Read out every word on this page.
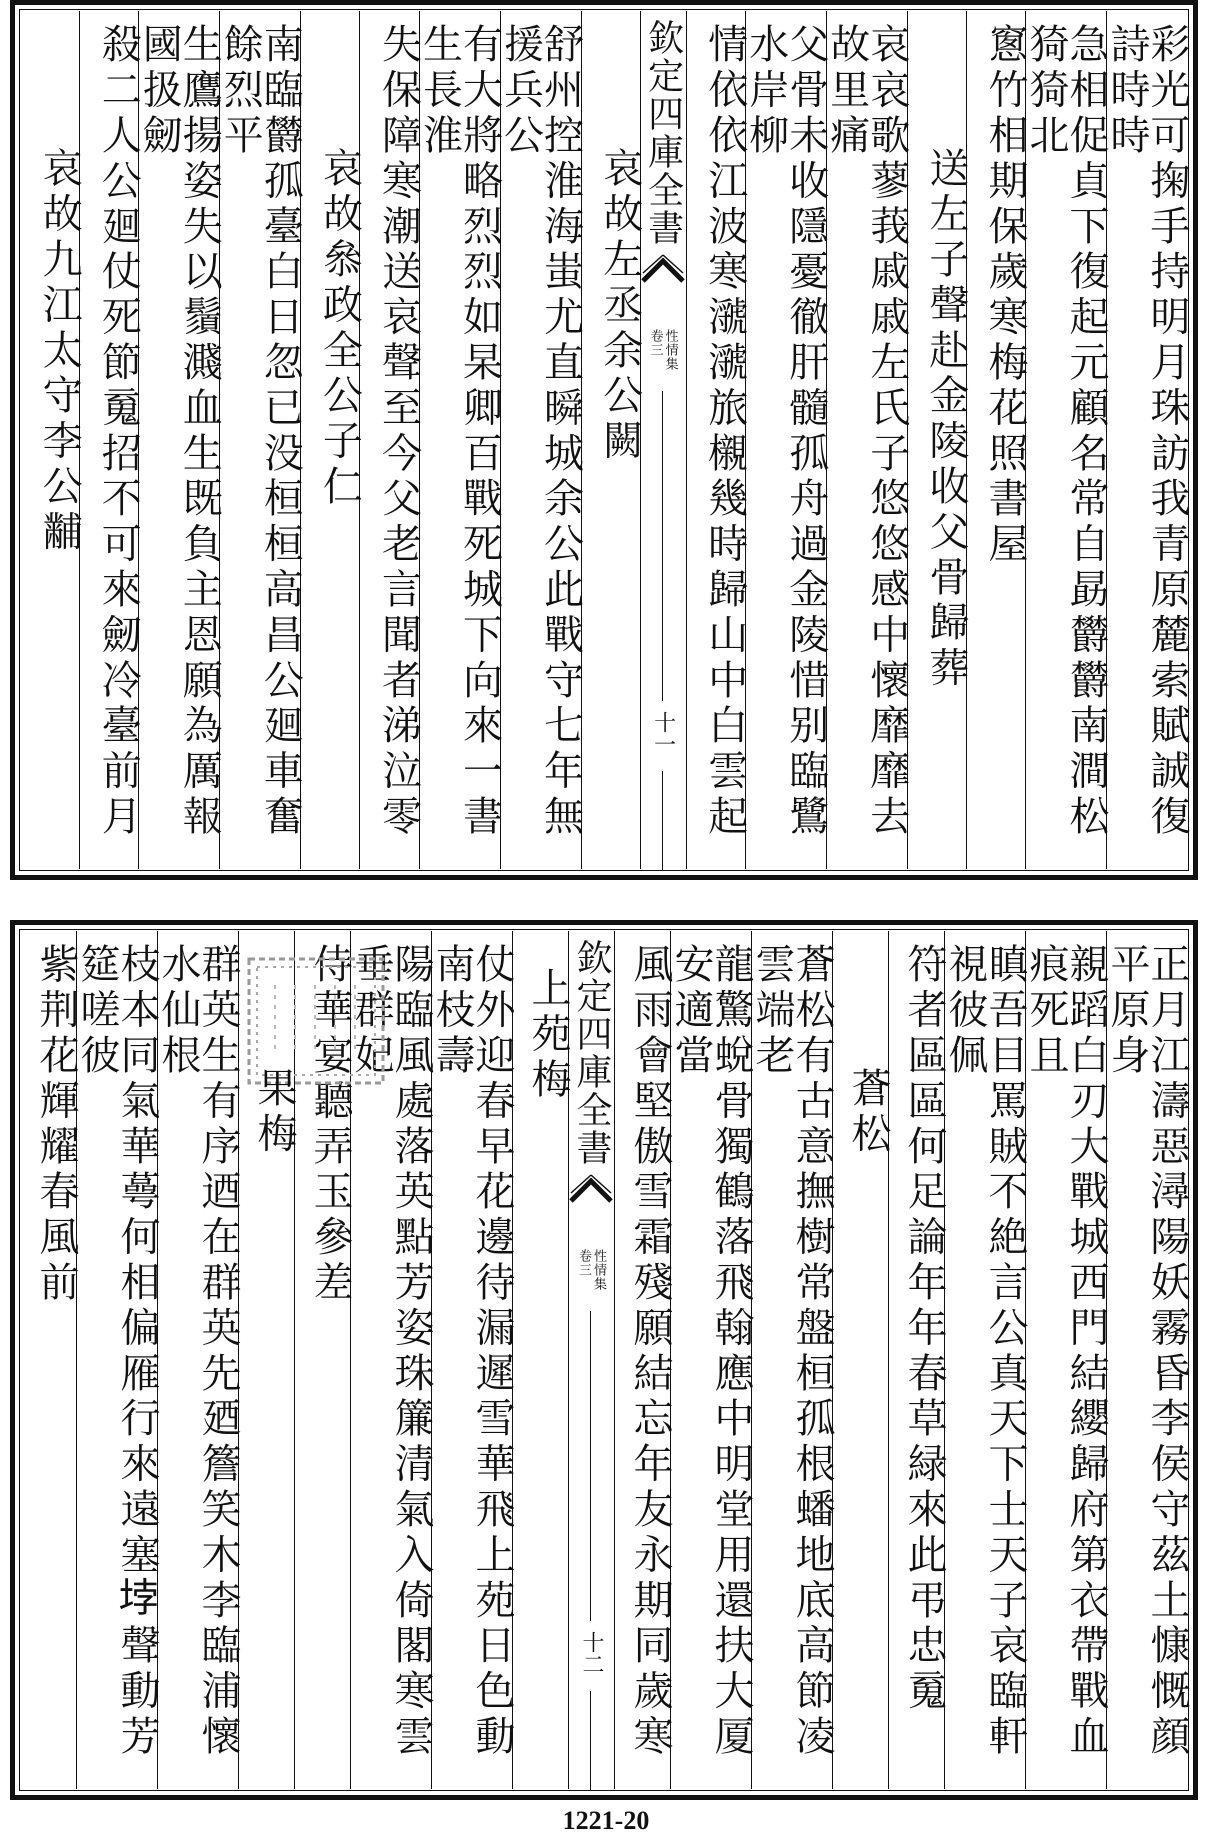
彩光可掬手持明月珠訪我青原麓索賦誠復詩時時
急相促貞下復起元顧名常自勗欝欝南澗松猗猗北
窻竹相期保歲寒梅花照書屋
送左子聲赴金陵收父骨歸葬
哀哀歌蓼莪戚戚左氏子悠悠感中懷靡靡去故里痛
父骨未收隱憂徹肝髓孤舟過金陵惜别臨鷺水岸柳
情依依江波寒㶁㶁旅櫬幾時歸山中白雲起
欽定四庫全書
性情集
卷三
十一
哀故左丞余公闕
舒州控淮海蚩尤直𣊬城余公此戰守七年無援兵公
有大將略烈烈如杲卿百戰死城下向來一書生長淮
失保障寒潮送哀聲至今父老言聞者涕泣零
哀故叅政全公子仁
南臨欝孤臺白日忽已没桓桓高昌公廻車奮餘烈平
生鷹揚姿失以鬚濺血生既負主恩願為厲報國扱劒
殺二人公廻仗死節䰟招不可來劒冷臺前月
哀故九江太守李公黼
正月江濤惡潯陽妖霧昏李侯守茲土慷慨顔平原身
親蹈白刃大戰城西門結纓歸府第衣帶戰血痕死且
瞋吾目罵賊不絶言公真天下士天子哀臨軒視彼佩
符者區區何足論年年春草緑來此弔忠䰟
蒼松
蒼松有古意撫樹常盤桓孤根蟠地底高節凌雲端老
龍驚蛻骨獨鶴落飛翰應中明堂用還扶大厦安適當
風雨會堅傲雪霜殘願結忘年友永期同歲寒
欽定四庫全書
性情集
卷三
十二
上苑梅
仗外迎春早花邊待漏遲雪華飛上苑日色動南枝壽
陽臨風處落英點芳姿珠簾清氣入倚閣寒雲垂群妃
侍華宴聽弄玉參差
果梅
群英生有序迺在群英先廼簷笑木李臨浦懷水仙根
枝本同氣華蕚何相偏雁行來遠塞𡋯聲動芳筵嗟彼
紫荆花輝耀春風前
1221-20
